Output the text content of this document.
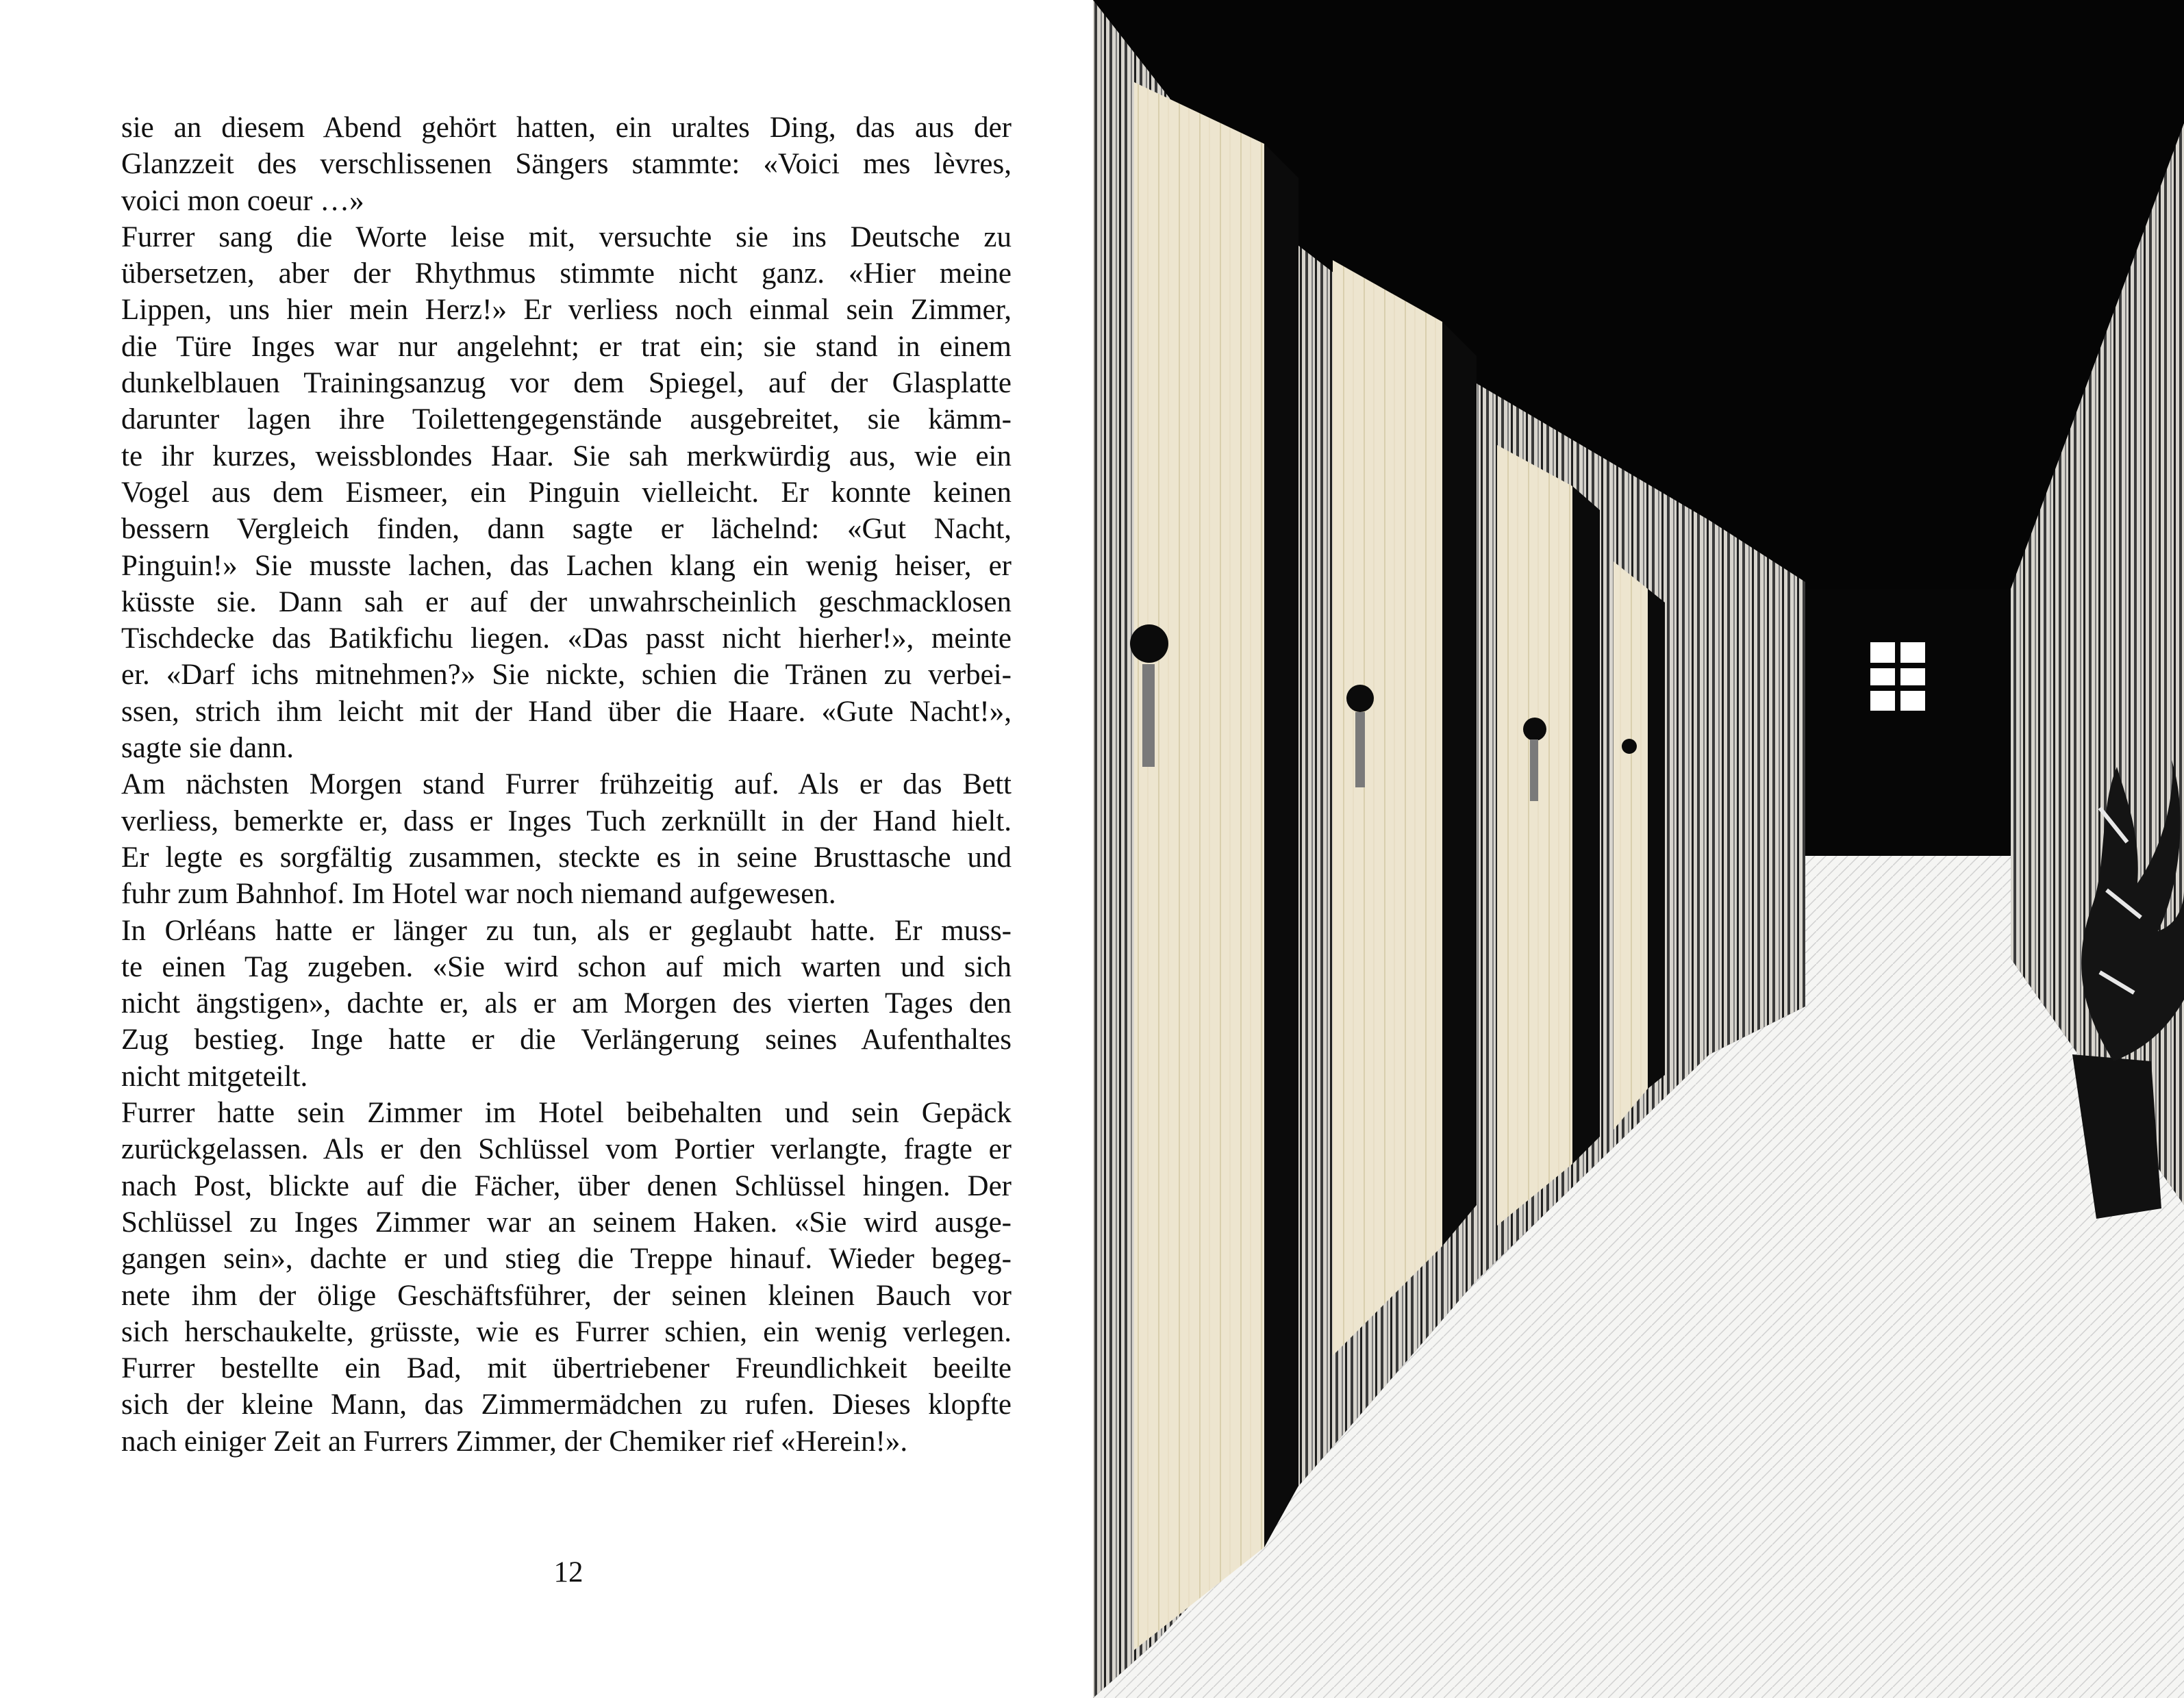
sie an diesem Abend gehört hatten, ein uraltes Ding, das aus der
Glanzzeit des verschlissenen Sängers stammte: «Voici mes lèvres,
voici mon coeur …»
Furrer sang die Worte leise mit, versuchte sie ins Deutsche zu
übersetzen, aber der Rhythmus stimmte nicht ganz. «Hier meine
Lippen, uns hier mein Herz!» Er verliess noch einmal sein Zimmer,
die Türe Inges war nur angelehnt; er trat ein; sie stand in einem
dunkelblauen Trainingsanzug vor dem Spiegel, auf der Glasplatte
darunter lagen ihre Toilettengegenstände ausgebreitet, sie kämm-
te ihr kurzes, weissblondes Haar. Sie sah merkwürdig aus, wie ein
Vogel aus dem Eismeer, ein Pinguin vielleicht. Er konnte keinen
bessern Vergleich finden, dann sagte er lächelnd: «Gut Nacht,
Pinguin!» Sie musste lachen, das Lachen klang ein wenig heiser, er
küsste sie. Dann sah er auf der unwahrscheinlich geschmacklosen
Tischdecke das Batikfichu liegen. «Das passt nicht hierher!», meinte
er. «Darf ichs mitnehmen?» Sie nickte, schien die Tränen zu verbei-
ssen, strich ihm leicht mit der Hand über die Haare. «Gute Nacht!»,
sagte sie dann.
Am nächsten Morgen stand Furrer frühzeitig auf. Als er das Bett
verliess, bemerkte er, dass er Inges Tuch zerknüllt in der Hand hielt.
Er legte es sorgfältig zusammen, steckte es in seine Brusttasche und
fuhr zum Bahnhof. Im Hotel war noch niemand aufgewesen.
In Orléans hatte er länger zu tun, als er geglaubt hatte. Er muss-
te einen Tag zugeben. «Sie wird schon auf mich warten und sich
nicht ängstigen», dachte er, als er am Morgen des vierten Tages den
Zug bestieg. Inge hatte er die Verlängerung seines Aufenthaltes
nicht mitgeteilt.
Furrer hatte sein Zimmer im Hotel beibehalten und sein Gepäck
zurückgelassen. Als er den Schlüssel vom Portier verlangte, fragte er
nach Post, blickte auf die Fächer, über denen Schlüssel hingen. Der
Schlüssel zu Inges Zimmer war an seinem Haken. «Sie wird ausge-
gangen sein», dachte er und stieg die Treppe hinauf. Wieder begeg-
nete ihm der ölige Geschäftsführer, der seinen kleinen Bauch vor
sich herschaukelte, grüsste, wie es Furrer schien, ein wenig verlegen.
Furrer bestellte ein Bad, mit übertriebener Freundlichkeit beeilte
sich der kleine Mann, das Zimmermädchen zu rufen. Dieses klopfte
nach einiger Zeit an Furrers Zimmer, der Chemiker rief «Herein!».
12
